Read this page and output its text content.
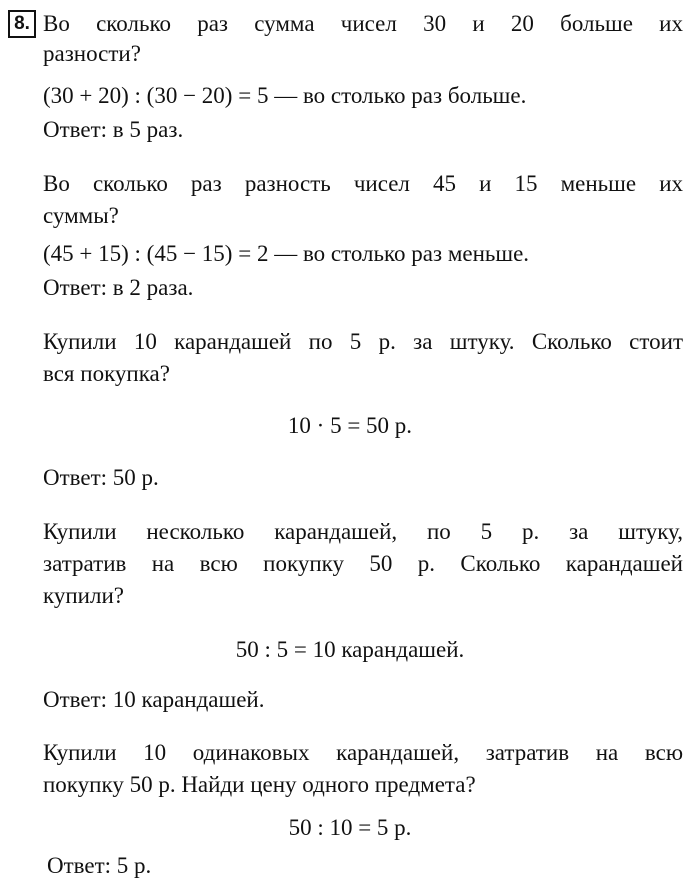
8. Во сколько раз сумма чисел 30 и 20 больше их
разности?
(30 + 20) : (30 − 20) = 5 — во столько раз больше.
Ответ: в 5 раз.
Во сколько раз разность чисел 45 и 15 меньше их
суммы?
(45 + 15) : (45 − 15) = 2 — во столько раз меньше.
Ответ: в 2 раза.
Купили 10 карандашей по 5 р. за штуку. Сколько стоит
вся покупка?
10 · 5 = 50 р.
Ответ: 50 р.
Купили несколько карандашей, по 5 р. за штуку,
затратив на всю покупку 50 р. Сколько карандашей
купили?
50 : 5 = 10 карандашей.
Ответ: 10 карандашей.
Купили 10 одинаковых карандашей, затратив на всю
покупку 50 р. Найди цену одного предмета?
50 : 10 = 5 р.
Ответ: 5 р.
